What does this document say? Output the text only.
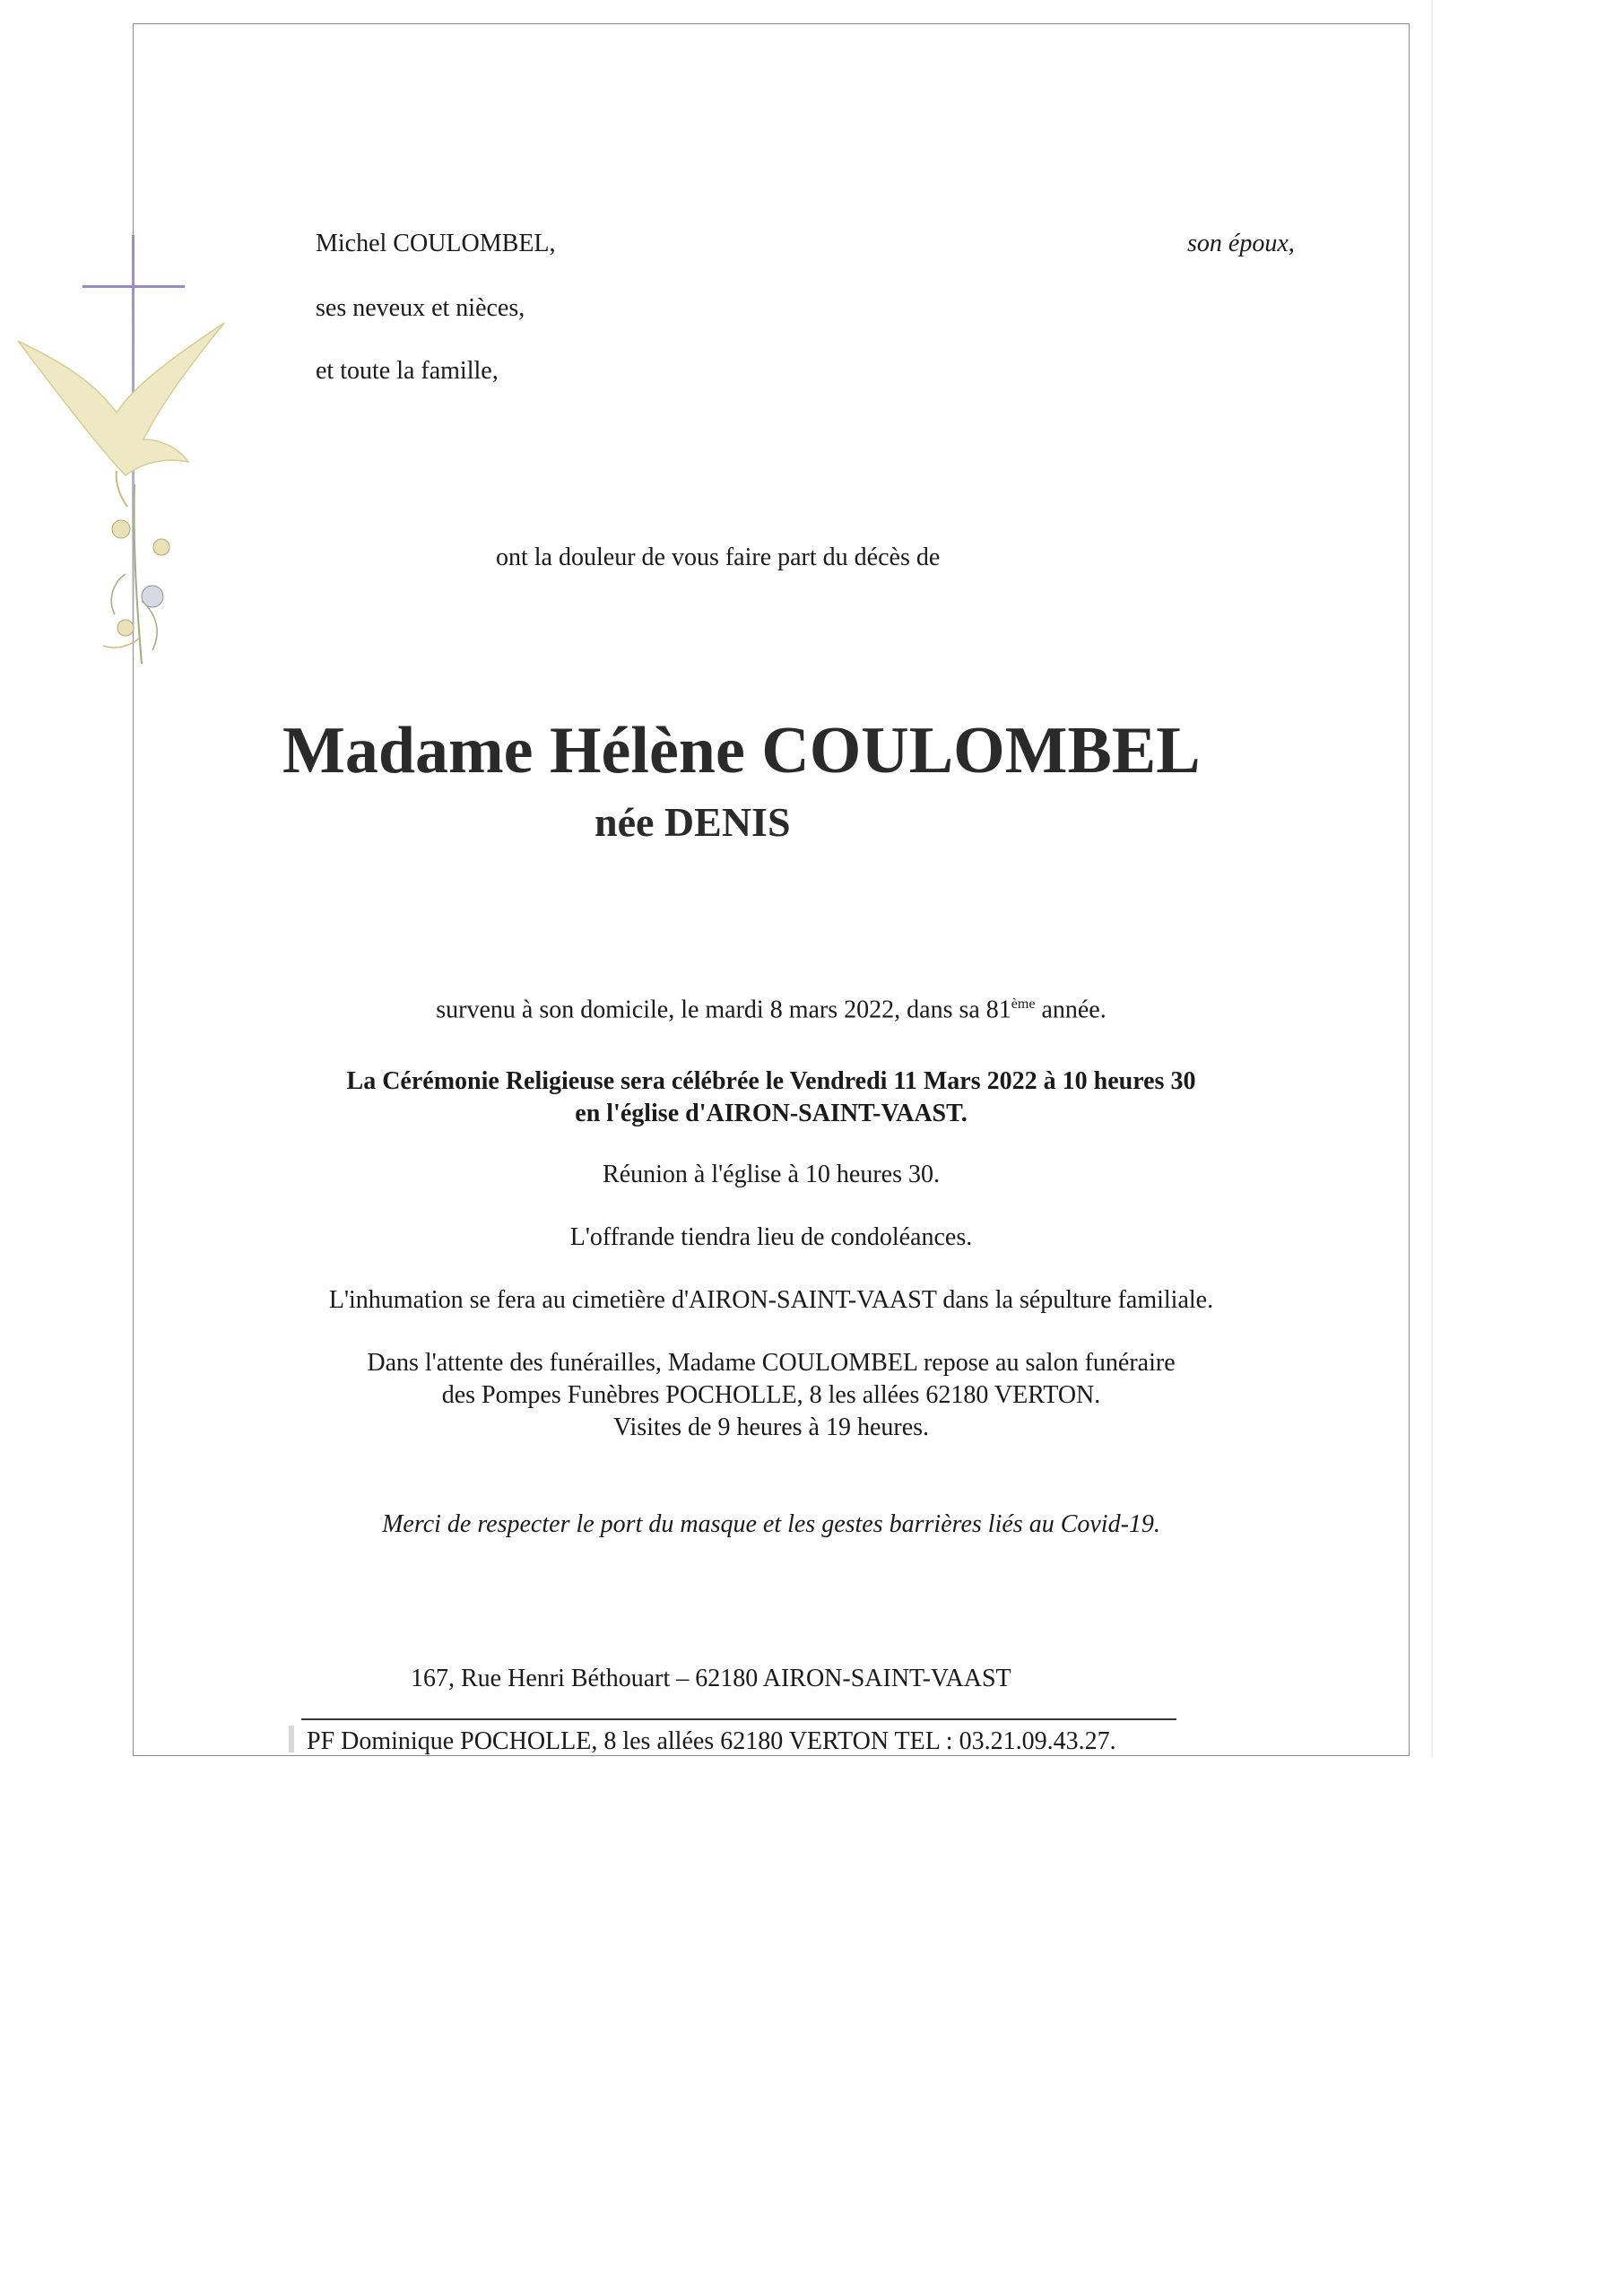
Michel COULOMBEL,	son époux,

ses neveux et nièces,

et toute la famille,

ont la douleur de vous faire part du décès de

Madame Hélène COULOMBEL

née DENIS

survenu à son domicile, le mardi 8 mars 2022, dans sa 81ème année.

La Cérémonie Religieuse sera célébrée le Vendredi 11 Mars 2022 à 10 heures 30

en l'église d'AIRON-SAINT-VAAST.

Réunion à l'église à 10 heures 30.

L'offrande tiendra lieu de condoléances.

L'inhumation se fera au cimetière d'AIRON-SAINT-VAAST dans la sépulture familiale.

Dans l'attente des funérailles, Madame COULOMBEL repose au salon funéraire

des Pompes Funèbres POCHOLLE, 8 les allées 62180 VERTON.

Visites de 9 heures à 19 heures.

Merci de respecter le port du masque et les gestes barrières liés au Covid-19.

167, Rue Henri Béthouart – 62180 AIRON-SAINT-VAAST

PF Dominique POCHOLLE, 8 les allées 62180 VERTON TEL : 03.21.09.43.27.
